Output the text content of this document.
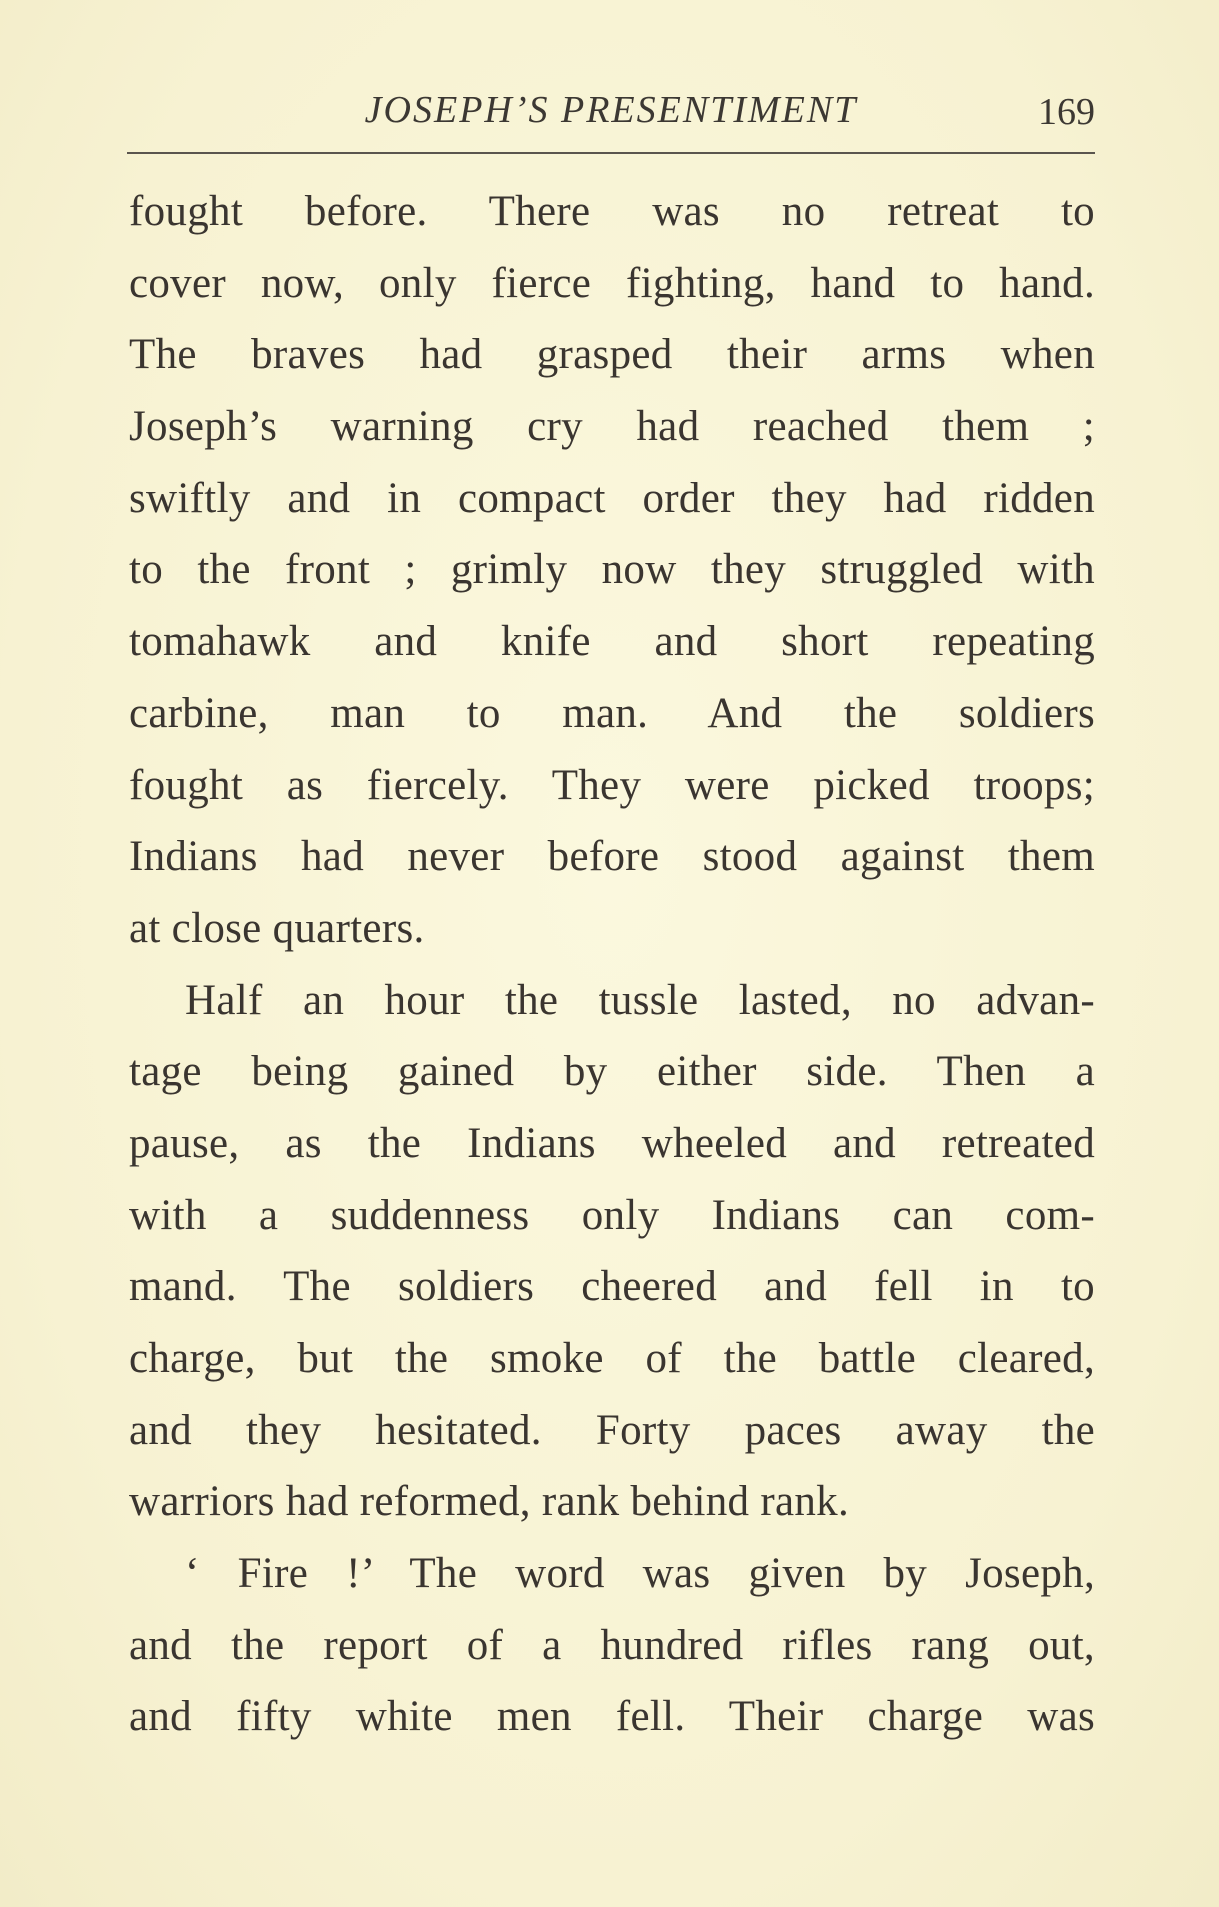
JOSEPH’S PRESENTIMENT	169
fought before. There was no retreat to
cover now, only fierce fighting, hand to hand.
The braves had grasped their arms when
Joseph’s warning cry had reached them ;
swiftly and in compact order they had ridden
to the front ; grimly now they struggled with
tomahawk and knife and short repeating
carbine, man to man. And the soldiers
fought as fiercely. They were picked troops;
Indians had never before stood against them
at close quarters.
Half an hour the tussle lasted, no advan-
tage being gained by either side. Then a
pause, as the Indians wheeled and retreated
with a suddenness only Indians can com-
mand. The soldiers cheered and fell in to
charge, but the smoke of the battle cleared,
and they hesitated. Forty paces away the
warriors had reformed, rank behind rank.
‘ Fire !’ The word was given by Joseph,
and the report of a hundred rifles rang out,
and fifty white men fell. Their charge was
